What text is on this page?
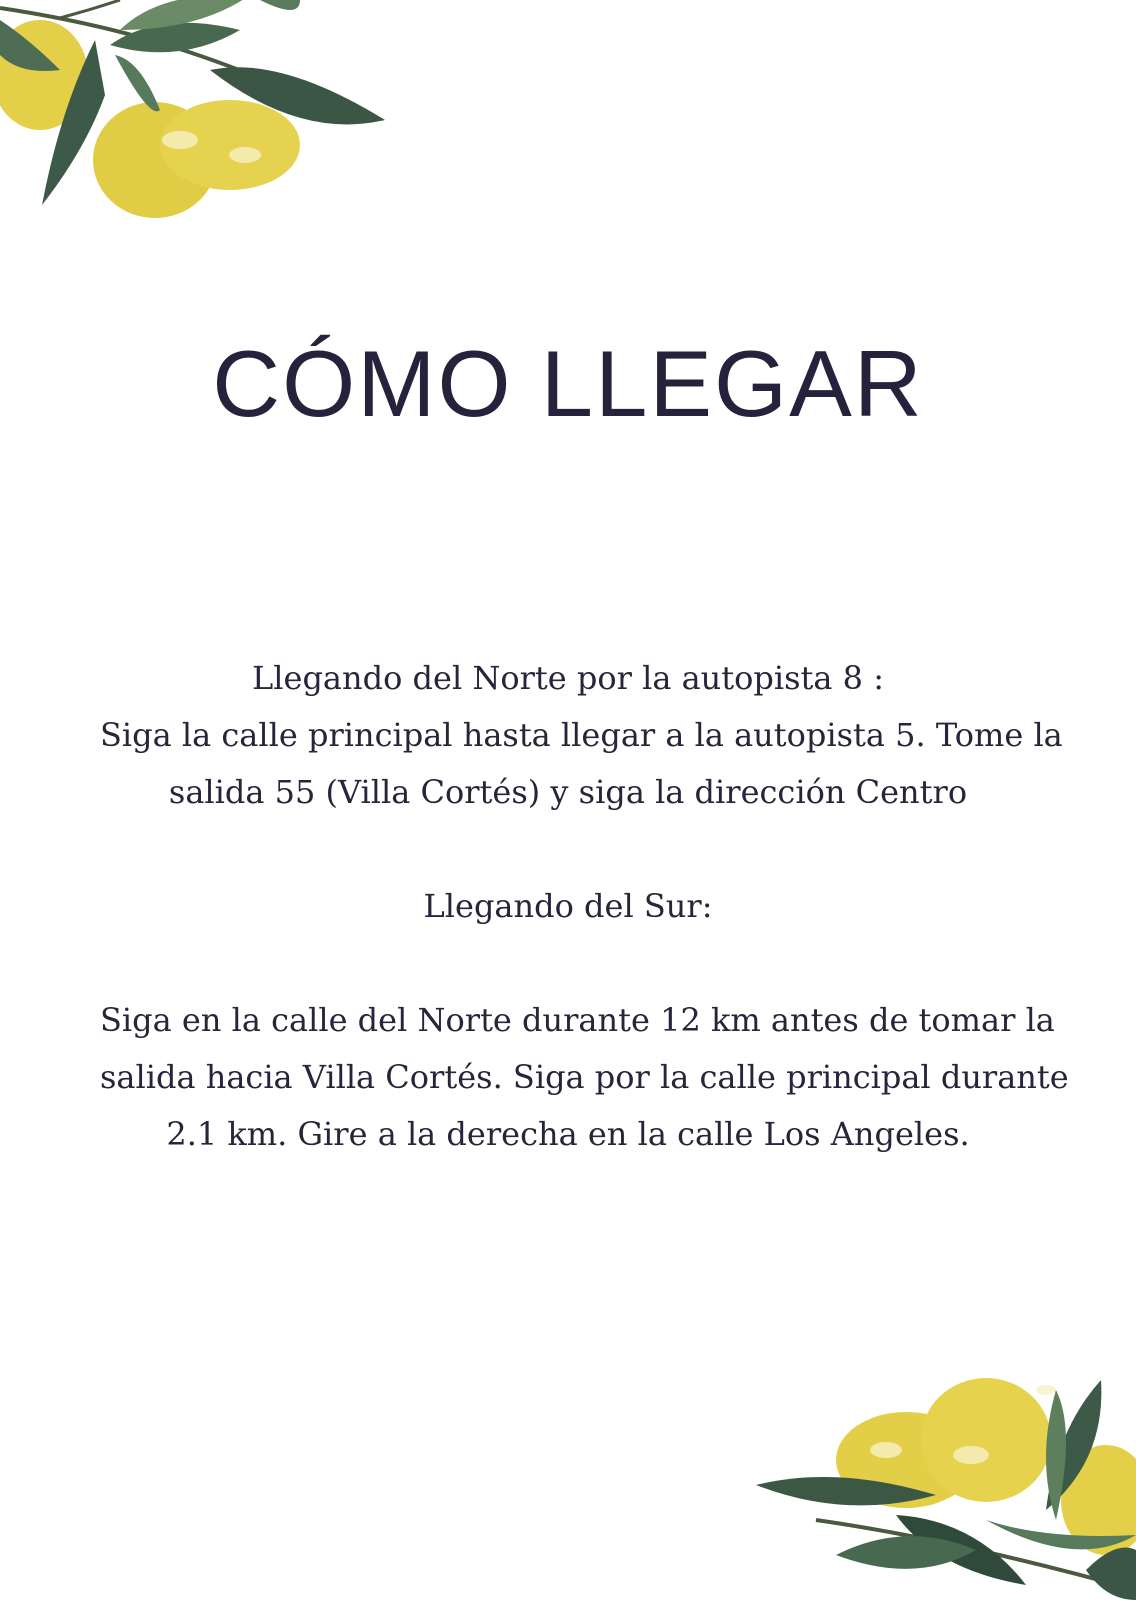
CÓMO LLEGAR

Llegando del Norte por la autopista 8 :

Siga la calle principal hasta llegar a la autopista 5. Tome la
salida 55 (Villa Cortés) y siga la dirección Centro

Llegando del Sur:

Siga en la calle del Norte durante 12 km antes de tomar la
salida hacia Villa Cortés. Siga por la calle principal durante
2.1 km. Gire a la derecha en la calle Los Angeles.
